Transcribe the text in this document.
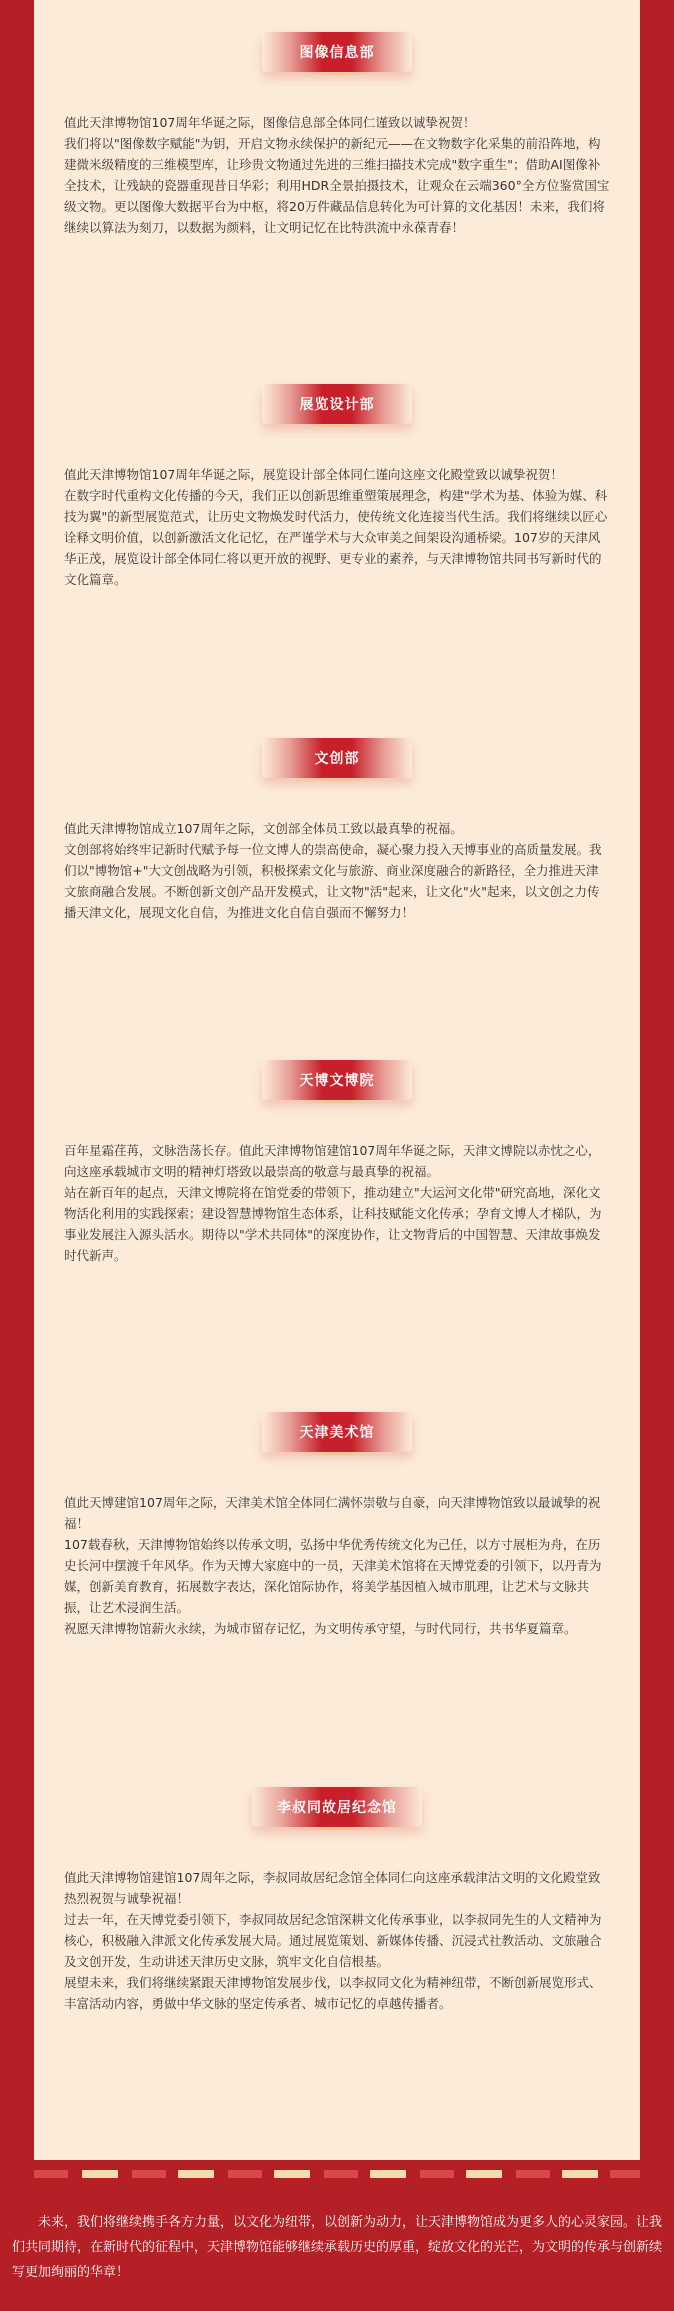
图像信息部

值此天津博物馆107周年华诞之际，图像信息部全体同仁谨致以诚挚祝贺！

我们将以"图像数字赋能"为钥，开启文物永续保护的新纪元——在文物数字化采集的前沿阵地，构建微米级精度的三维模型库，让珍贵文物通过先进的三维扫描技术完成"数字重生"；借助AI图像补全技术，让残缺的瓷器重现昔日华彩；利用HDR全景拍摄技术，让观众在云端360°全方位鉴赏国宝级文物。更以图像大数据平台为中枢，将20万件藏品信息转化为可计算的文化基因！未来，我们将继续以算法为刻刀，以数据为颜料，让文明记忆在比特洪流中永葆青春！

展览设计部

值此天津博物馆107周年华诞之际，展览设计部全体同仁谨向这座文化殿堂致以诚挚祝贺！

在数字时代重构文化传播的今天，我们正以创新思维重塑策展理念，构建"学术为基、体验为媒、科技为翼"的新型展览范式，让历史文物焕发时代活力，使传统文化连接当代生活。我们将继续以匠心诠释文明价值，以创新激活文化记忆，在严谨学术与大众审美之间架设沟通桥梁。107岁的天津风华正茂，展览设计部全体同仁将以更开放的视野、更专业的素养，与天津博物馆共同书写新时代的文化篇章。

文创部

值此天津博物馆成立107周年之际，文创部全体员工致以最真挚的祝福。

文创部将始终牢记新时代赋予每一位文博人的崇高使命，凝心聚力投入天博事业的高质量发展。我们以"博物馆+"大文创战略为引领，积极探索文化与旅游、商业深度融合的新路径，全力推进天津文旅商融合发展。不断创新文创产品开发模式，让文物"活"起来，让文化"火"起来，以文创之力传播天津文化，展现文化自信，为推进文化自信自强而不懈努力！

天博文博院

百年星霜荏苒，文脉浩荡长存。值此天津博物馆建馆107周年华诞之际，天津文博院以赤忱之心，向这座承载城市文明的精神灯塔致以最崇高的敬意与最真挚的祝福。

站在新百年的起点，天津文博院将在馆党委的带领下，推动建立"大运河文化带"研究高地，深化文物活化利用的实践探索；建设智慧博物馆生态体系，让科技赋能文化传承；孕育文博人才梯队，为事业发展注入源头活水。期待以"学术共同体"的深度协作，让文物背后的中国智慧、天津故事焕发时代新声。

天津美术馆

值此天博建馆107周年之际，天津美术馆全体同仁满怀崇敬与自豪，向天津博物馆致以最诚挚的祝福！

107载春秋，天津博物馆始终以传承文明，弘扬中华优秀传统文化为己任，以方寸展柜为舟，在历史长河中摆渡千年风华。作为天博大家庭中的一员，天津美术馆将在天博党委的引领下，以丹青为媒，创新美育教育，拓展数字表达，深化馆际协作，将美学基因植入城市肌理，让艺术与文脉共振，让艺术浸润生活。

祝愿天津博物馆薪火永续，为城市留存记忆，为文明传承守望，与时代同行，共书华夏篇章。

李叔同故居纪念馆

值此天津博物馆建馆107周年之际，李叔同故居纪念馆全体同仁向这座承载津沽文明的文化殿堂致热烈祝贺与诚挚祝福！

过去一年，在天博党委引领下，李叔同故居纪念馆深耕文化传承事业，以李叔同先生的人文精神为核心，积极融入津派文化传承发展大局。通过展览策划、新媒体传播、沉浸式社教活动、文旅融合及文创开发，生动讲述天津历史文脉，筑牢文化自信根基。

展望未来，我们将继续紧跟天津博物馆发展步伐，以李叔同文化为精神纽带，不断创新展览形式、丰富活动内容，勇做中华文脉的坚定传承者、城市记忆的卓越传播者。

未来，我们将继续携手各方力量，以文化为纽带，以创新为动力，让天津博物馆成为更多人的心灵家园。让我们共同期待，在新时代的征程中，天津博物馆能够继续承载历史的厚重，绽放文化的光芒，为文明的传承与创新续写更加绚丽的华章！
